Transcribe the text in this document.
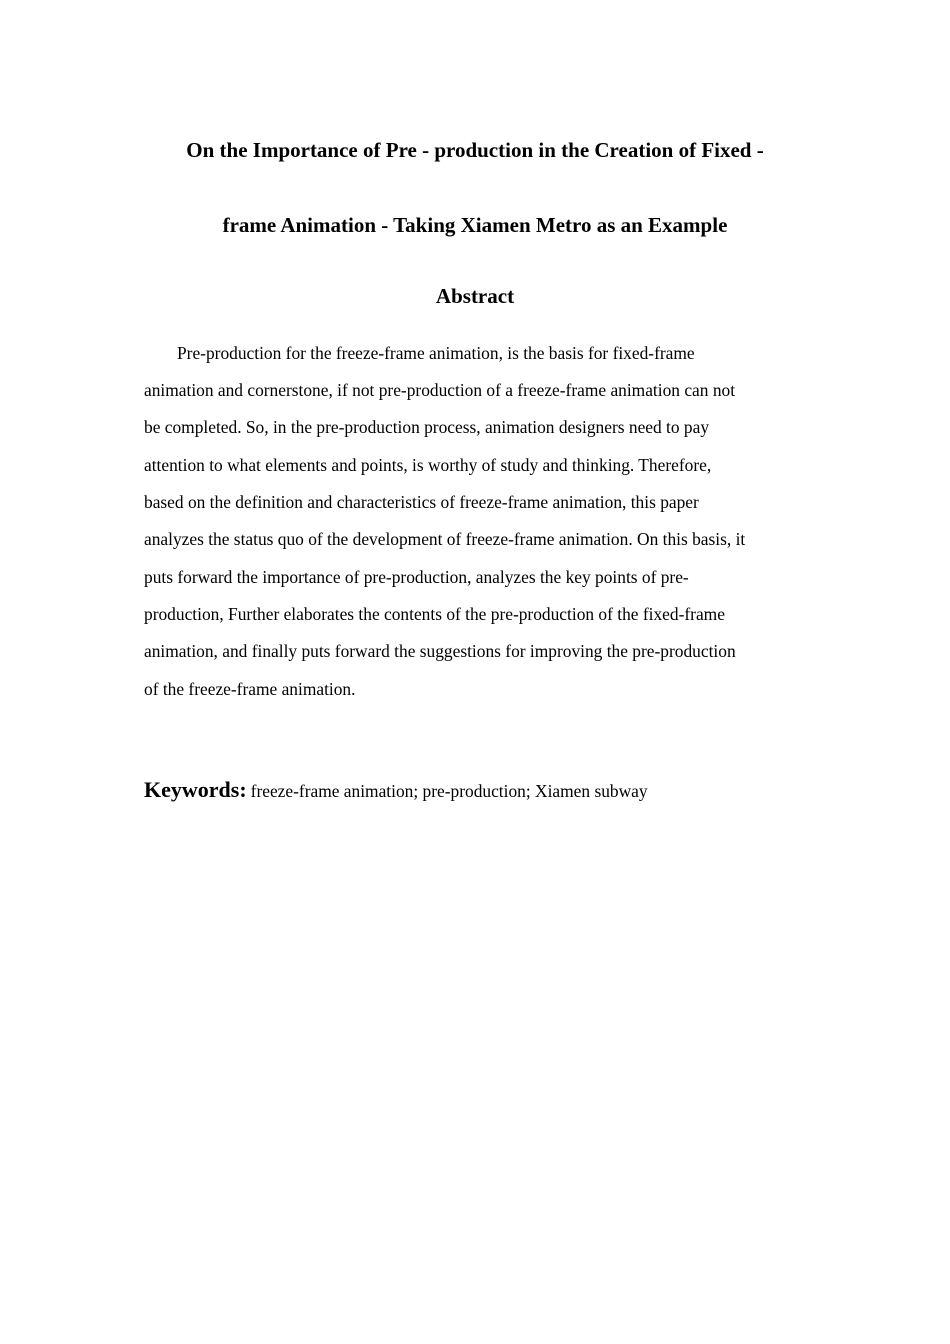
On the Importance of Pre - production in the Creation of Fixed -
frame Animation - Taking Xiamen Metro as an Example
Abstract
Pre-production for the freeze-frame animation, is the basis for fixed-frame
animation and cornerstone, if not pre-production of a freeze-frame animation can not
be completed. So, in the pre-production process, animation designers need to pay
attention to what elements and points, is worthy of study and thinking. Therefore,
based on the definition and characteristics of freeze-frame animation, this paper
analyzes the status quo of the development of freeze-frame animation. On this basis, it
puts forward the importance of pre-production, analyzes the key points of pre-
production, Further elaborates the contents of the pre-production of the fixed-frame
animation, and finally puts forward the suggestions for improving the pre-production
of the freeze-frame animation.
Keywords: freeze-frame animation; pre-production; Xiamen subway
